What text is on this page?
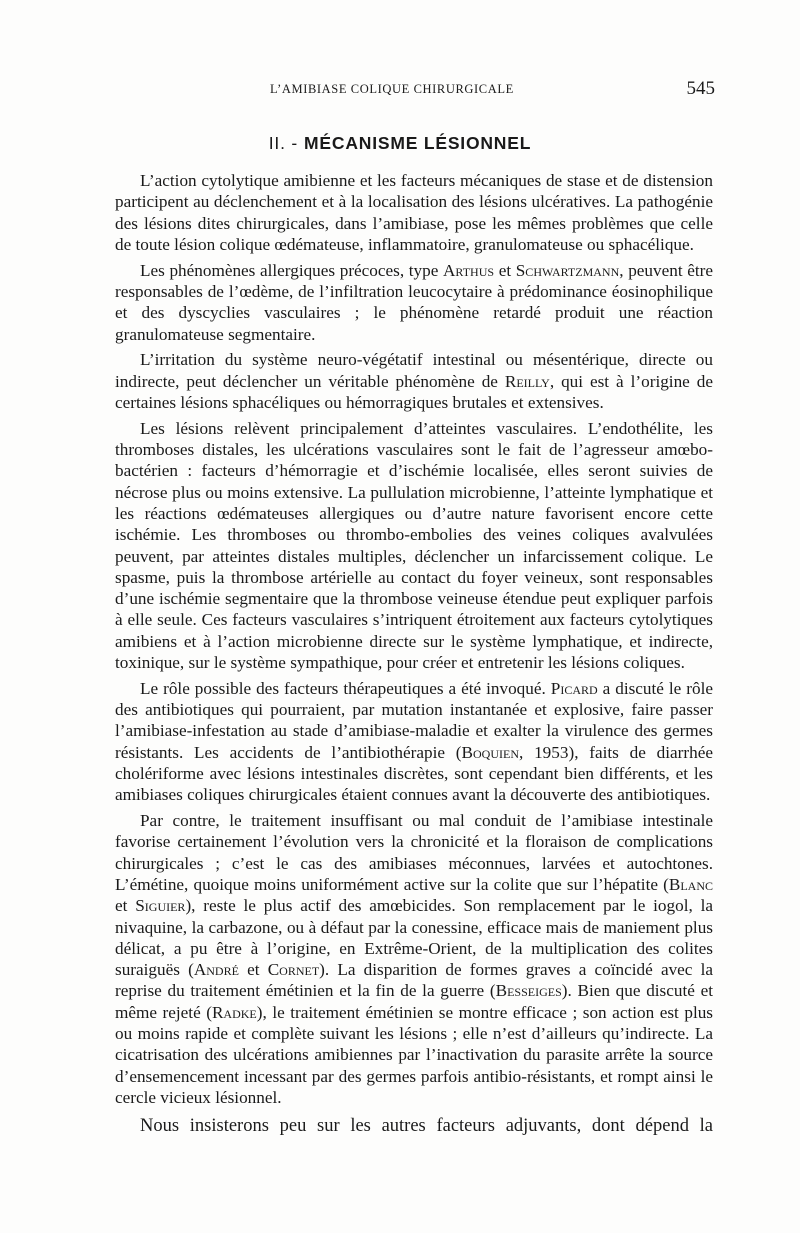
L’AMIBIASE COLIQUE CHIRURGICALE	545
II. - MÉCANISME LÉSIONNEL

L’action cytolytique amibienne et les facteurs mécaniques de stase et de distension participent au déclenchement et à la localisation des lésions ulcératives. La pathogénie des lésions dites chirurgicales, dans l’amibiase, pose les mêmes problèmes que celle de toute lésion colique œdémateuse, inflammatoire, granulomateuse ou sphacélique.

Les phénomènes allergiques précoces, type Arthus et Schwartzmann, peuvent être responsables de l’œdème, de l’infiltration leucocytaire à prédominance éosinophilique et des dyscyclies vasculaires ; le phénomène retardé produit une réaction granulomateuse segmentaire.

L’irritation du système neuro-végétatif intestinal ou mésentérique, directe ou indirecte, peut déclencher un véritable phénomène de Reilly, qui est à l’origine de certaines lésions sphacéliques ou hémorragiques brutales et extensives.

Les lésions relèvent principalement d’atteintes vasculaires. L’endothélite, les thromboses distales, les ulcérations vasculaires sont le fait de l’agresseur amœbo-bactérien : facteurs d’hémorragie et d’ischémie localisée, elles seront suivies de nécrose plus ou moins extensive. La pullulation microbienne, l’atteinte lymphatique et les réactions œdémateuses allergiques ou d’autre nature favorisent encore cette ischémie. Les thromboses ou thrombo-embolies des veines coliques avalvulées peuvent, par atteintes distales multiples, déclencher un infarcissement colique. Le spasme, puis la thrombose artérielle au contact du foyer veineux, sont responsables d’une ischémie segmentaire que la thrombose veineuse étendue peut expliquer parfois à elle seule. Ces facteurs vasculaires s’intriquent étroitement aux facteurs cytolytiques amibiens et à l’action microbienne directe sur le système lymphatique, et indirecte, toxinique, sur le système sympathique, pour créer et entretenir les lésions coliques.

Le rôle possible des facteurs thérapeutiques a été invoqué. Picard a discuté le rôle des antibiotiques qui pourraient, par mutation instantanée et explosive, faire passer l’amibiase-infestation au stade d’amibiase-maladie et exalter la virulence des germes résistants. Les accidents de l’antibiothérapie (Boquien, 1953), faits de diarrhée cholériforme avec lésions intestinales discrètes, sont cependant bien différents, et les amibiases coliques chirurgicales étaient connues avant la découverte des antibiotiques.

Par contre, le traitement insuffisant ou mal conduit de l’amibiase intestinale favorise certainement l’évolution vers la chronicité et la floraison de complications chirurgicales ; c’est le cas des amibiases méconnues, larvées et autochtones. L’émétine, quoique moins uniformément active sur la colite que sur l’hépatite (Blanc et Siguier), reste le plus actif des amœbicides. Son remplacement par le iogol, la nivaquine, la carbazone, ou à défaut par la conessine, efficace mais de maniement plus délicat, a pu être à l’origine, en Extrême-Orient, de la multiplication des colites suraiguës (André et Cornet). La disparition de formes graves a coïncidé avec la reprise du traitement émétinien et la fin de la guerre (Besseiges). Bien que discuté et même rejeté (Radke), le traitement émétinien se montre efficace ; son action est plus ou moins rapide et complète suivant les lésions ; elle n’est d’ailleurs qu’indirecte. La cicatrisation des ulcérations amibiennes par l’inactivation du parasite arrête la source d’ensemencement incessant par des germes parfois antibio-résistants, et rompt ainsi le cercle vicieux lésionnel.

Nous insisterons peu sur les autres facteurs adjuvants, dont dépend la
